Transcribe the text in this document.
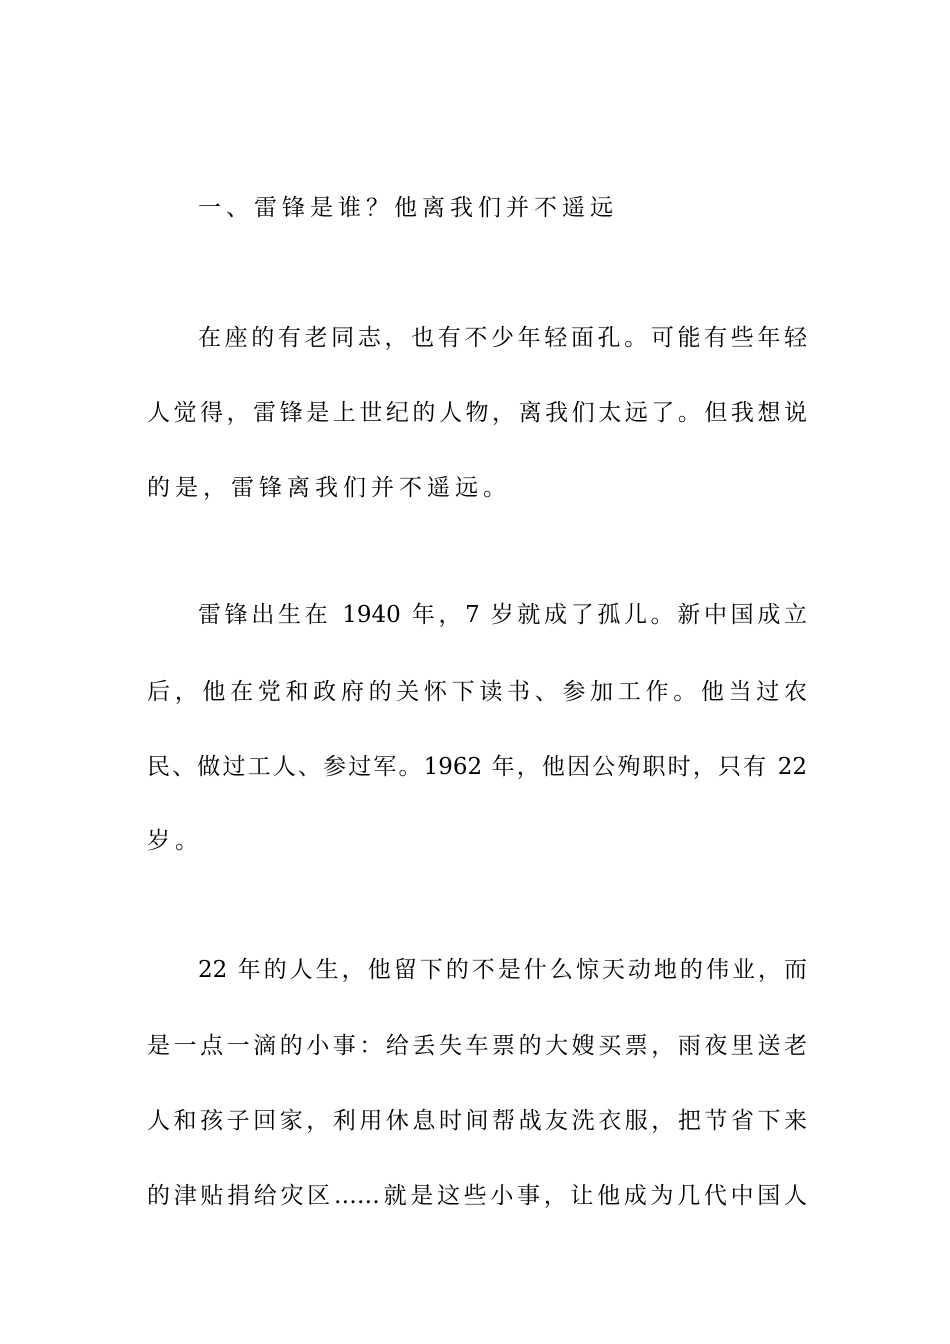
一、雷锋是谁？他离我们并不遥远
在座的有老同志，也有不少年轻面孔。可能有些年轻
人觉得，雷锋是上世纪的人物，离我们太远了。但我想说
的是，雷锋离我们并不遥远。
雷锋出生在 1940 年，7 岁就成了孤儿。新中国成立
后，他在党和政府的关怀下读书、参加工作。他当过农
民、做过工人、参过军。1962 年，他因公殉职时，只有 22
岁。
22 年的人生，他留下的不是什么惊天动地的伟业，而
是一点一滴的小事：给丢失车票的大嫂买票，雨夜里送老
人和孩子回家，利用休息时间帮战友洗衣服，把节省下来
的津贴捐给灾区……就是这些小事，让他成为几代中国人
